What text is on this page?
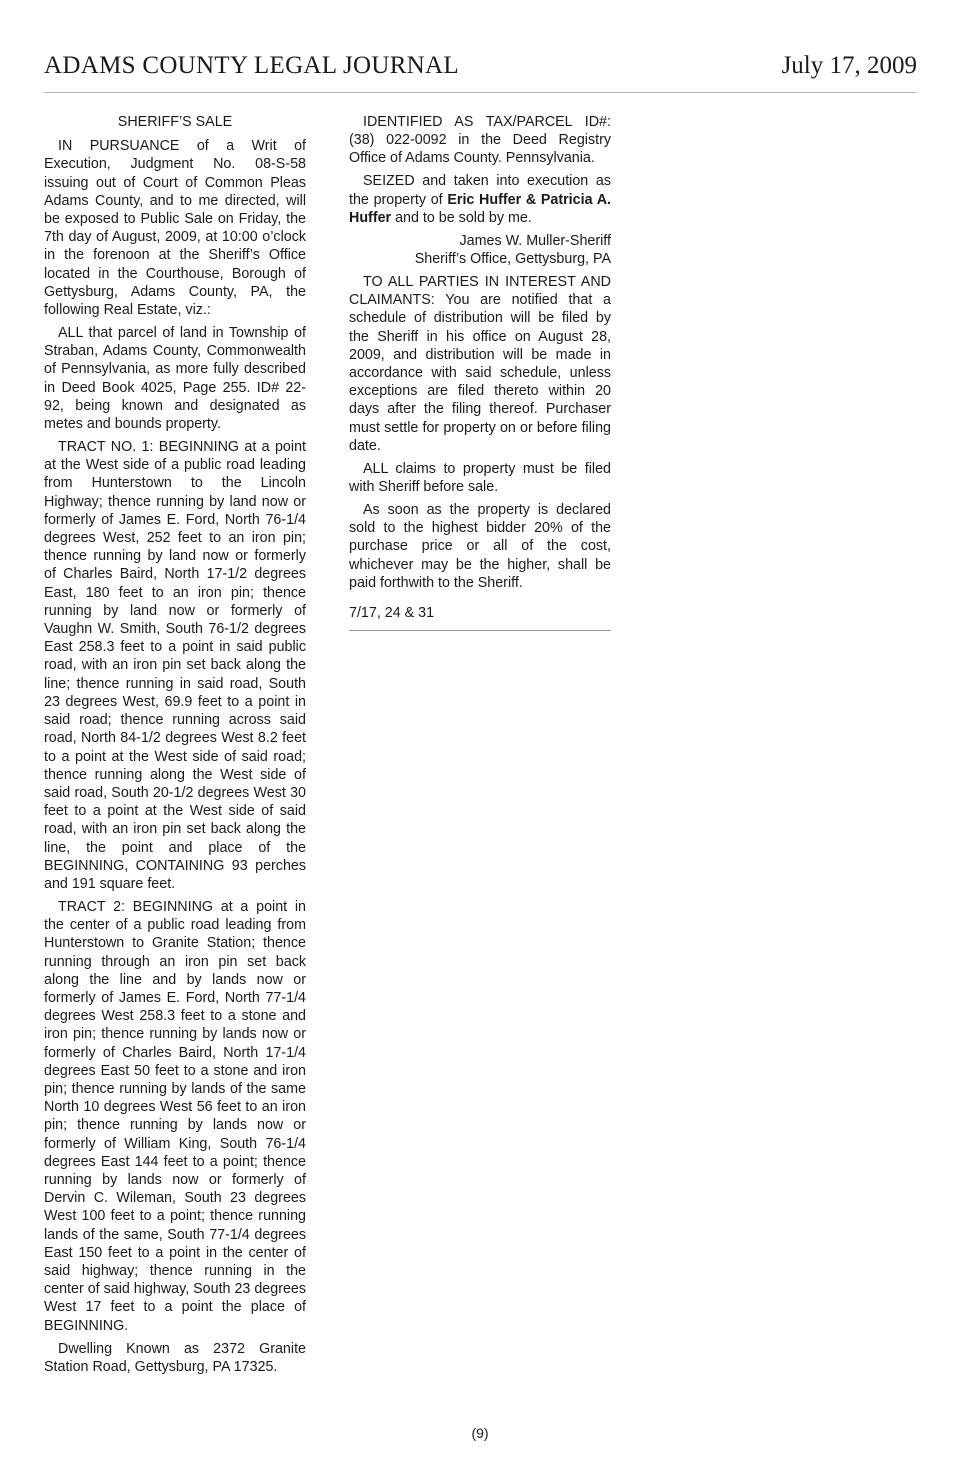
ADAMS COUNTY LEGAL JOURNAL	July 17, 2009

SHERIFF’S SALE

IN PURSUANCE of a Writ of Execution, Judgment No. 08-S-58 issuing out of Court of Common Pleas Adams County, and to me directed, will be exposed to Public Sale on Friday, the 7th day of August, 2009, at 10:00 o’clock in the forenoon at the Sheriff’s Office located in the Courthouse, Borough of Gettysburg, Adams County, PA, the following Real Estate, viz.:

ALL that parcel of land in Township of Straban, Adams County, Commonwealth of Pennsylvania, as more fully described in Deed Book 4025, Page 255. ID# 22-92, being known and designated as metes and bounds property.

TRACT NO. 1: BEGINNING at a point at the West side of a public road leading from Hunterstown to the Lincoln Highway; thence running by land now or formerly of James E. Ford, North 76-1/4 degrees West, 252 feet to an iron pin; thence running by land now or formerly of Charles Baird, North 17-1/2 degrees East, 180 feet to an iron pin; thence running by land now or formerly of Vaughn W. Smith, South 76-1/2 degrees East 258.3 feet to a point in said public road, with an iron pin set back along the line; thence running in said road, South 23 degrees West, 69.9 feet to a point in said road; thence running across said road, North 84-1/2 degrees West 8.2 feet to a point at the West side of said road; thence running along the West side of said road, South 20-1/2 degrees West 30 feet to a point at the West side of said road, with an iron pin set back along the line, the point and place of the BEGINNING, CONTAINING 93 perches and 191 square feet.

TRACT 2: BEGINNING at a point in the center of a public road leading from Hunterstown to Granite Station; thence running through an iron pin set back along the line and by lands now or formerly of James E. Ford, North 77-1/4 degrees West 258.3 feet to a stone and iron pin; thence running by lands now or formerly of Charles Baird, North 17-1/4 degrees East 50 feet to a stone and iron pin; thence running by lands of the same North 10 degrees West 56 feet to an iron pin; thence running by lands now or formerly of William King, South 76-1/4 degrees East 144 feet to a point; thence running by lands now or formerly of Dervin C. Wileman, South 23 degrees West 100 feet to a point; thence running lands of the same, South 77-1/4 degrees East 150 feet to a point in the center of said highway; thence running in the center of said highway, South 23 degrees West 17 feet to a point the place of BEGINNING.

Dwelling Known as 2372 Granite Station Road, Gettysburg, PA 17325.

IDENTIFIED AS TAX/PARCEL ID#: (38) 022-0092 in the Deed Registry Office of Adams County. Pennsylvania.

SEIZED and taken into execution as the property of Eric Huffer & Patricia A. Huffer and to be sold by me.

James W. Muller-Sheriff

Sheriff’s Office, Gettysburg, PA

TO ALL PARTIES IN INTEREST AND CLAIMANTS: You are notified that a schedule of distribution will be filed by the Sheriff in his office on August 28, 2009, and distribution will be made in accordance with said schedule, unless exceptions are filed thereto within 20 days after the filing thereof. Purchaser must settle for property on or before filing date.

ALL claims to property must be filed with Sheriff before sale.

As soon as the property is declared sold to the highest bidder 20% of the purchase price or all of the cost, whichever may be the higher, shall be paid forthwith to the Sheriff.

7/17, 24 & 31

(9)
